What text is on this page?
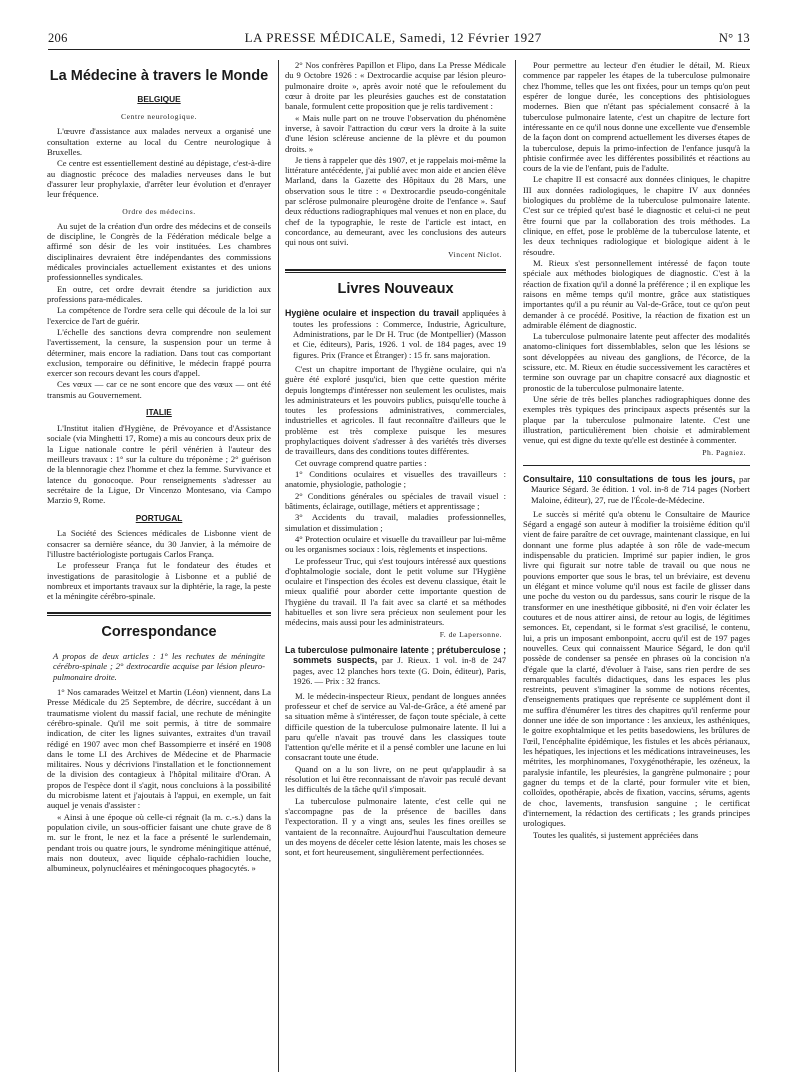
206	LA PRESSE MÉDICALE, Samedi, 12 Février 1927	N° 13
La Médecine à travers le Monde
BELGIQUE
Centre neurologique.

L'œuvre d'assistance aux malades nerveux a organisé une consultation externe au local du Centre neurologique à Bruxelles.

Ce centre est essentiellement destiné au dépistage, c'est-à-dire au diagnostic précoce des maladies nerveuses dans le but d'assurer leur prophylaxie, d'arrêter leur évolution et d'enrayer leur fréquence.

Ordre des médecins.

Au sujet de la création d'un ordre des médecins et de conseils de discipline, le Congrès de la Fédération médicale belge a affirmé son désir de les voir instituées. Les chambres disciplinaires devraient être indépendantes des commissions médicales provinciales actuellement existantes et des unions professionnelles syndicales.

En outre, cet ordre devrait étendre sa juridiction aux professions para-médicales.

La compétence de l'ordre sera celle qui découle de la loi sur l'exercice de l'art de guérir.

L'échelle des sanctions devra comprendre non seulement l'avertissement, la censure, la suspension pour un terme à déterminer, mais encore la radiation. Dans tout cas comportant exclusion, temporaire ou définitive, le médecin frappé pourra exercer son recours devant les cours d'appel.

Ces vœux — car ce ne sont encore que des vœux — ont été transmis au Gouvernement.

ITALIE

L'Institut italien d'Hygiène, de Prévoyance et d'Assistance sociale (via Minghetti 17, Rome) a mis au concours deux prix de la Ligue nationale contre le péril vénérien à l'auteur des meilleurs travaux : 1° sur la culture du tréponème ; 2° guérison de la blennoragie chez l'homme et chez la femme. Survivance et latence du gonocoque. Pour renseignements s'adresser au secrétaire de la Ligue, Dr Vincenzo Montesano, via Campo Marzio 9, Rome.

PORTUGAL

La Société des Sciences médicales de Lisbonne vient de consacrer sa dernière séance, du 30 Janvier, à la mémoire de l'illustre bactériologiste portugais Carlos França.

Le professeur França fut le fondateur des études et investigations de parasitologie à Lisbonne et a publié de nombreux et importants travaux sur la diphtérie, la rage, la peste et la méningite cérébro-spinale.

Correspondance

A propos de deux articles : 1° les rechutes de méningite cérébro-spinale ; 2° dextrocardie acquise par lésion pleuro-pulmonaire droite.

1° Nos camarades Weitzel et Martin (Léon) viennent, dans La Presse Médicale du 25 Septembre, de décrire, succédant à un traumatisme violent du massif facial, une rechute de méningite cérébro-spinale. Qu'il me soit permis, à titre de sommaire indication, de citer les lignes suivantes, extraites d'un travail rédigé en 1907 avec mon chef Bassompierre et inséré en 1908 dans le tome LI des Archives de Médecine et de Pharmacie militaires. Nous y décrivions l'installation et le fonctionnement de la division des contagieux à l'hôpital militaire d'Oran. A propos de l'espèce dont il s'agit, nous concluions à la possibilité du microbisme latent et j'ajoutais à l'appui, en exemple, un fait auquel je venais d'assister :

« Ainsi à une époque où celle-ci régnait (la m. c.-s.) dans la population civile, un sous-officier faisant une chute grave de 8 m. sur le front, le nez et la face a présenté le surlendemain, pendant trois ou quatre jours, le syndrome méningitique atténué, mais non douteux, avec liquide céphalo-rachidien louche, albumineux, polynucléaires et méningocoques phagocytés. »

2° Nos confrères Papillon et Flipo, dans La Presse Médicale du 9 Octobre 1926 : « Dextrocardie acquise par lésion pleuro-pulmonaire droite », après avoir noté que le refoulement du cœur à droite par les pleurésies gauches est de constatation banale, formulent cette proposition que je relis tardivement :

« Mais nulle part on ne trouve l'observation du phénomène inverse, à savoir l'attraction du cœur vers la droite à la suite d'une lésion scléreuse ancienne de la plèvre et du poumon droits. »

Je tiens à rappeler que dès 1907, et je rappelais moi-même la littérature antécédente, j'ai publié avec mon aide et ancien élève Marland, dans la Gazette des Hôpitaux du 28 Mars, une observation sous le titre : « Dextrocardie pseudo-congénitale par sclérose pulmonaire pleurogène droite de l'enfance ». Sauf deux réductions radiographiques mal venues et non en place, du chef de la typographie, le reste de l'article est intact, en concordance, au demeurant, avec les conclusions des auteurs qui nous ont suivi.

Vincent Niclot.
Livres Nouveaux

Hygiène oculaire et inspection du travail appliquées à toutes les professions : Commerce, Industrie, Agriculture, Administrations, par le Dr H. Truc (de Montpellier) (Masson et Cie, éditeurs), Paris, 1926. 1 vol. de 184 pages, avec 19 figures. Prix (France et Étranger) : 15 fr. sans majoration.

C'est un chapitre important de l'hygiène oculaire, qui n'a guère été exploré jusqu'ici, bien que cette question mérite depuis longtemps d'intéresser non seulement les oculistes, mais les administrateurs et les pouvoirs publics, puisqu'elle touche à toutes les professions administratives, commerciales, industrielles et agricoles. Il faut reconnaître d'ailleurs que le problème est très complexe puisque les mesures prophylactiques doivent s'adresser à des variétés très diverses de travailleurs, dans des conditions toutes différentes.

Cet ouvrage comprend quatre parties :

1° Conditions oculaires et visuelles des travailleurs : anatomie, physiologie, pathologie ;

2° Conditions générales ou spéciales de travail visuel : bâtiments, éclairage, outillage, métiers et apprentissage ;

3° Accidents du travail, maladies professionnelles, simulation et dissimulation ;

4° Protection oculaire et visuelle du travailleur par lui-même ou les organismes sociaux : lois, règlements et inspections.

Le professeur Truc, qui s'est toujours intéressé aux questions d'ophtalmologie sociale, dont le petit volume sur l'Hygiène oculaire et l'inspection des écoles est devenu classique, était le mieux qualifié pour aborder cette importante question de l'hygiène du travail. Il l'a fait avec sa clarté et sa méthodes habituelles et son livre sera précieux non seulement pour les médecins, mais aussi pour les administrateurs.

F. de Lapersonne.

La tuberculose pulmonaire latente ; prétuberculose ; sommets suspects, par J. Rieux. 1 vol. in-8 de 247 pages, avec 12 planches hors texte (G. Doin, éditeur), Paris, 1926. — Prix : 32 francs.

M. le médecin-inspecteur Rieux, pendant de longues années professeur et chef de service au Val-de-Grâce, a été amené par sa situation même à s'intéresser, de façon toute spéciale, à cette difficile question de la tuberculose pulmonaire latente. Il lui a paru qu'elle n'avait pas trouvé dans les classiques toute l'attention qu'elle mérite et il a pensé combler une lacune en lui consacrant toute une étude.

Quand on a lu son livre, on ne peut qu'applaudir à sa résolution et lui être reconnaissant de n'avoir pas reculé devant les difficultés de la tâche qu'il s'imposait.

La tuberculose pulmonaire latente, c'est celle qui ne s'accompagne pas de la présence de bacilles dans l'expectoration. Il y a vingt ans, seules les fines oreilles se vantaient de la reconnaître. Aujourd'hui l'auscultation demeure un des moyens de déceler cette lésion latente, mais les choses se sont, et fort heureusement, singulièrement perfectionnées.

Pour permettre au lecteur d'en étudier le détail, M. Rieux commence par rappeler les étapes de la tuberculose pulmonaire chez l'homme, telles que les ont fixées, pour un temps qu'on peut espérer de longue durée, les conceptions des phtisiologues modernes. Bien que n'étant pas spécialement consacré à la tuberculose pulmonaire latente, c'est un chapitre de lecture fort intéressante en ce qu'il nous donne une excellente vue d'ensemble de la façon dont on comprend actuellement les diverses étapes de la tuberculose, depuis la primo-infection de l'enfance jusqu'à la phtisie confirmée avec les différentes possibilités et réactions au cours de la vie de l'enfant, puis de l'adulte.

Le chapitre II est consacré aux données cliniques, le chapitre III aux données radiologiques, le chapitre IV aux données biologiques du problème de la tuberculose pulmonaire latente. C'est sur ce trépied qu'est basé le diagnostic et celui-ci ne peut être fourni que par la collaboration des trois méthodes. La clinique, en effet, pose le problème de la tuberculose latente, et les deux techniques radiologique et biologique aident à le résoudre.

M. Rieux s'est personnellement intéressé de façon toute spéciale aux méthodes biologiques de diagnostic. C'est à la réaction de fixation qu'il a donné la préférence ; il en explique les raisons en même temps qu'il montre, grâce aux statistiques importantes qu'il a pu réunir au Val-de-Grâce, tout ce qu'on peut demander à ce procédé. Positive, la réaction de fixation est un admirable élément de diagnostic.

La tuberculose pulmonaire latente peut affecter des modalités anatomo-cliniques fort dissemblables, selon que les lésions se sont développées au niveau des ganglions, de l'écorce, de la scissure, etc. M. Rieux en étudie successivement les caractères et termine son ouvrage par un chapitre consacré aux diagnostic et pronostic de la tuberculose pulmonaire latente.

Une série de très belles planches radiographiques donne des exemples très typiques des principaux aspects présentés sur la plaque par la tuberculose pulmonaire latente. C'est une illustration, particulièrement bien choisie et admirablement venue, qui est digne du texte qu'elle est destinée à commenter.

Ph. Pagniez.

Consultaire, 110 consultations de tous les jours, par Maurice Ségard. 3e édition. 1 vol. in-8 de 714 pages (Norbert Maloine, éditeur), 27, rue de l'École-de-Médecine.

Le succès si mérité qu'a obtenu le Consultaire de Maurice Ségard a engagé son auteur à modifier la troisième édition qu'il vient de faire paraître de cet ouvrage, maintenant classique, en lui donnant une forme plus adaptée à son rôle de vade-mecum indispensable du praticien. Imprimé sur papier indien, le gros livre qui figurait sur notre table de travail ou que nous ne pouvions emporter que sous le bras, tel un bréviaire, est devenu un élégant et mince volume qu'il nous est facile de glisser dans une poche du veston ou du pardessus, sans courir le risque de la transformer en une inesthétique gibbosité, ni d'en voir éclater les coutures et de nous attirer ainsi, de retour au logis, de légitimes semonces. Et, cependant, si le format s'est gracilisé, le contenu, lui, a pris un imposant embonpoint, accru qu'il est de 197 pages nouvelles. Ceux qui connaissent Maurice Ségard, le don qu'il possède de condenser sa pensée en phrases où la concision n'a d'égale que la clarté, d'évoluer à l'aise, sans rien perdre de ses remarquables facultés didactiques, dans les espaces les plus restreints, peuvent s'imaginer la somme de notions récentes, d'enseignements pratiques que représente ce supplément dont il me suffira d'énumérer les titres des chapitres qu'il renferme pour donner une idée de son importance : les anxieux, les asthéniques, le goitre exophtalmique et les petits basedowiens, les brûlures de l'œil, l'encéphalite épidémique, les fistules et les abcès périanaux, les hépatiques, les injections et les médications intraveineuses, les métrites, les morphinomanes, l'oxygénothérapie, les ozéneux, la paralysie infantile, les pleurésies, la gangrène pulmonaire ; pour gagner du temps et de la clarté, pour formuler vite et bien, colloïdes, opothérapie, abcès de fixation, vaccins, sérums, agents de choc, lavements, transfusion sanguine ; le certificat d'internement, la rédaction des certificats ; les grands principes urologiques.

Toutes les qualités, si justement appréciées dans
